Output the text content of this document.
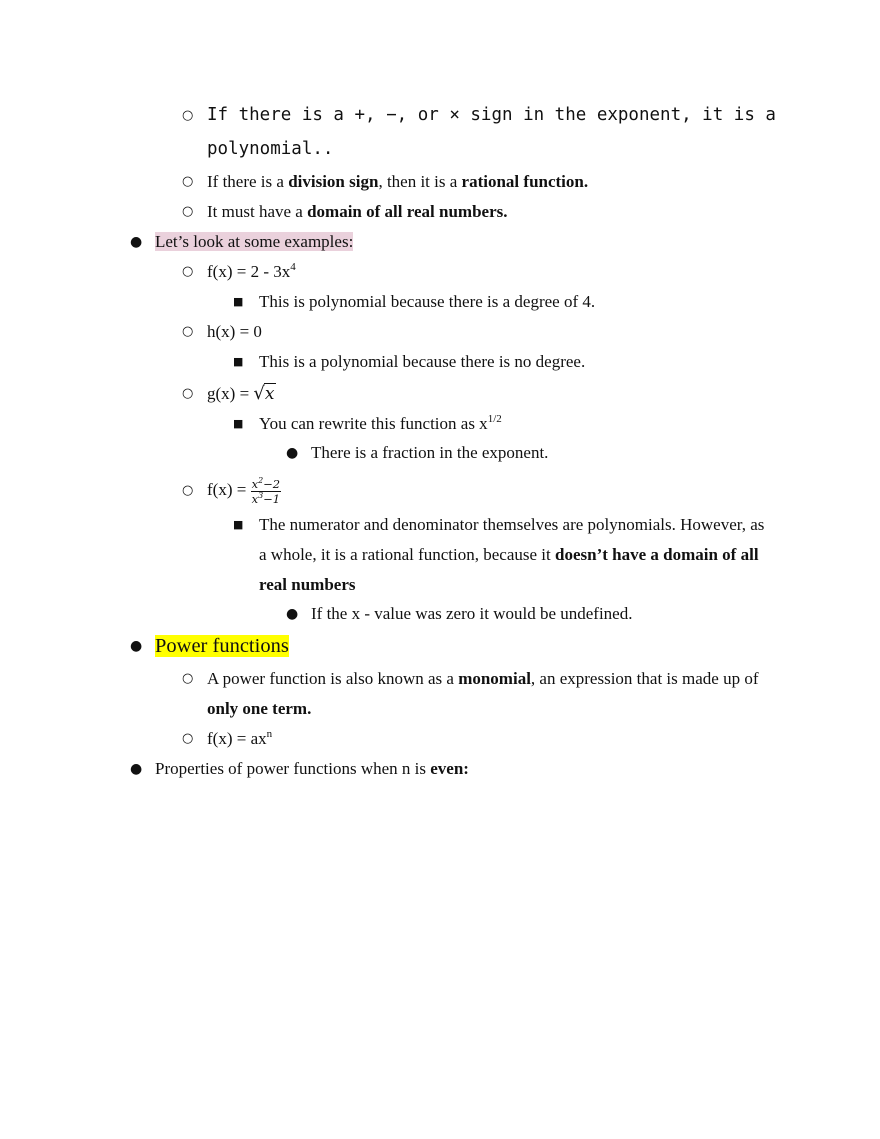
○ If there is a +, −, or × sign in the exponent, it is a
polynomial..
○ If there is a division sign, then it is a rational function.
○ It must have a domain of all real numbers.
● Let’s look at some examples:
○ $f(x) = 2 - 3x^4$
■ This is polynomial because there is a degree of 4.
○ h(x) = 0
■ This is a polynomial because there is no degree.
○ g(x) = √x
■ You can rewrite this function as $x^{1/2}$
● There is a fraction in the exponent.
○ $f(x) = \frac{x^2-2}{x^3-1}$
■ The numerator and denominator themselves are polynomials. However, as
a whole, it is a rational function, because it doesn’t have a domain of all
real numbers
● If the x - value was zero it would be undefined.
● Power functions
○ A power function is also known as a monomial, an expression that is made up of
only one term.
○ $f(x) = ax^n$
● Properties of power functions when n is even:
